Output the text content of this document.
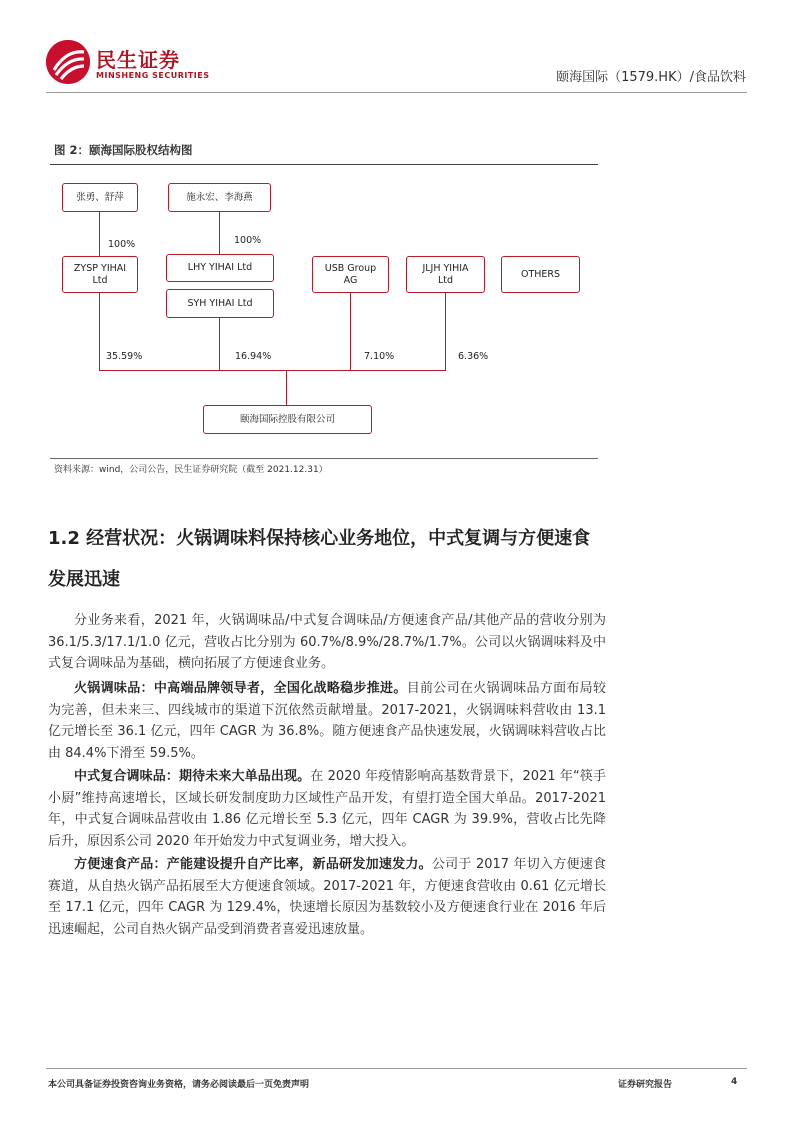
民生证券
MINSHENG SECURITIES	颐海国际（1579.HK）/食品饮料
图 2：颐海国际股权结构图
张勇、舒萍	施永宏、李海燕
ZYSP YIHAI Ltd
LHY YIHAI Ltd
SYH YIHAI Ltd
USB Group AG
JLJH YIHIA Ltd
OTHERS
颐海国际控股有限公司
100%	100%
35.59%	16.94%	7.10%	6.36%
资料来源：wind，公司公告，民生证券研究院（截至 2021.12.31）
1.2 经营状况：火锅调味料保持核心业务地位，中式复调与方便速食
发展迅速

分业务来看，2021 年，火锅调味品/中式复合调味品/方便速食产品/其他产品的营收分别为 36.1/5.3/17.1/1.0 亿元，营收占比分别为 60.7%/8.9%/28.7%/1.7%。公司以火锅调味料及中式复合调味品为基础，横向拓展了方便速食业务。

火锅调味品：中高端品牌领导者，全国化战略稳步推进。目前公司在火锅调味品方面布局较为完善，但未来三、四线城市的渠道下沉依然贡献增量。2017-2021，火锅调味料营收由 13.1 亿元增长至 36.1 亿元，四年 CAGR 为 36.8%。随方便速食产品快速发展，火锅调味料营收占比由 84.4%下滑至 59.5%。

中式复合调味品：期待未来大单品出现。在 2020 年疫情影响高基数背景下，2021 年“筷手小厨”维持高速增长，区域长研发制度助力区域性产品开发，有望打造全国大单品。2017-2021 年，中式复合调味品营收由 1.86 亿元增长至 5.3 亿元，四年 CAGR 为 39.9%，营收占比先降后升，原因系公司 2020 年开始发力中式复调业务，增大投入。

方便速食产品：产能建设提升自产比率，新品研发加速发力。公司于 2017 年切入方便速食赛道，从自热火锅产品拓展至大方便速食领域。2017-2021 年，方便速食营收由 0.61 亿元增长至 17.1 亿元，四年 CAGR 为 129.4%，快速增长原因为基数较小及方便速食行业在 2016 年后迅速崛起，公司自热火锅产品受到消费者喜爱迅速放量。

本公司具备证券投资咨询业务资格，请务必阅读最后一页免责声明	证券研究报告	4
